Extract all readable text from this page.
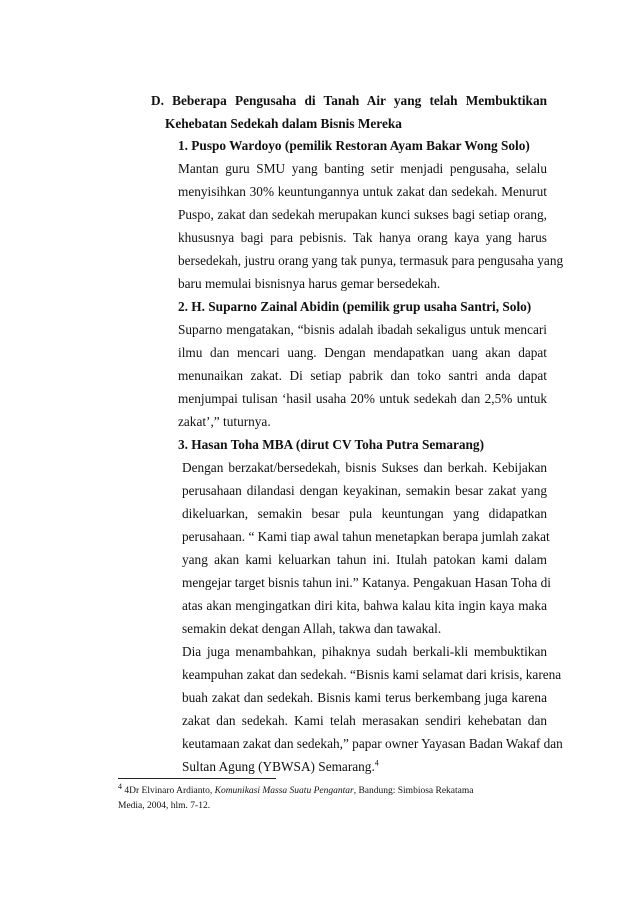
D. Beberapa Pengusaha di Tanah Air yang telah Membuktikan
Kehebatan Sedekah dalam Bisnis Mereka
1. Puspo Wardoyo (pemilik Restoran Ayam Bakar Wong Solo)
Mantan guru SMU yang banting setir menjadi pengusaha, selalu
menyisihkan 30% keuntungannya untuk zakat dan sedekah. Menurut
Puspo, zakat dan sedekah merupakan kunci sukses bagi setiap orang,
khususnya bagi para pebisnis. Tak hanya orang kaya yang harus
bersedekah, justru orang yang tak punya, termasuk para pengusaha yang
baru memulai bisnisnya harus gemar bersedekah.
2. H. Suparno Zainal Abidin (pemilik grup usaha Santri, Solo)
Suparno mengatakan, “bisnis adalah ibadah sekaligus untuk mencari
ilmu dan mencari uang. Dengan mendapatkan uang akan dapat
menunaikan zakat. Di setiap pabrik dan toko santri anda dapat
menjumpai tulisan ‘hasil usaha 20% untuk sedekah dan 2,5% untuk
zakat’,” tuturnya.
3. Hasan Toha MBA (dirut CV Toha Putra Semarang)
Dengan berzakat/bersedekah, bisnis Sukses dan berkah. Kebijakan
perusahaan dilandasi dengan keyakinan, semakin besar zakat yang
dikeluarkan, semakin besar pula keuntungan yang didapatkan
perusahaan. “ Kami tiap awal tahun menetapkan berapa jumlah zakat
yang akan kami keluarkan tahun ini. Itulah patokan kami dalam
mengejar target bisnis tahun ini.” Katanya. Pengakuan Hasan Toha di
atas akan mengingatkan diri kita, bahwa kalau kita ingin kaya maka
semakin dekat dengan Allah, takwa dan tawakal.
Dia juga menambahkan, pihaknya sudah berkali-kli membuktikan
keampuhan zakat dan sedekah. “Bisnis kami selamat dari krisis, karena
buah zakat dan sedekah. Bisnis kami terus berkembang juga karena
zakat dan sedekah. Kami telah merasakan sendiri kehebatan dan
keutamaan zakat dan sedekah,” papar owner Yayasan Badan Wakaf dan
Sultan Agung (YBWSA) Semarang.$^4$
$^4$ 4Dr Elvinaro Ardianto, Komunikasi Massa Suatu Pengantar, Bandung: Simbiosa Rekatama
Media, 2004, hlm. 7-12.
